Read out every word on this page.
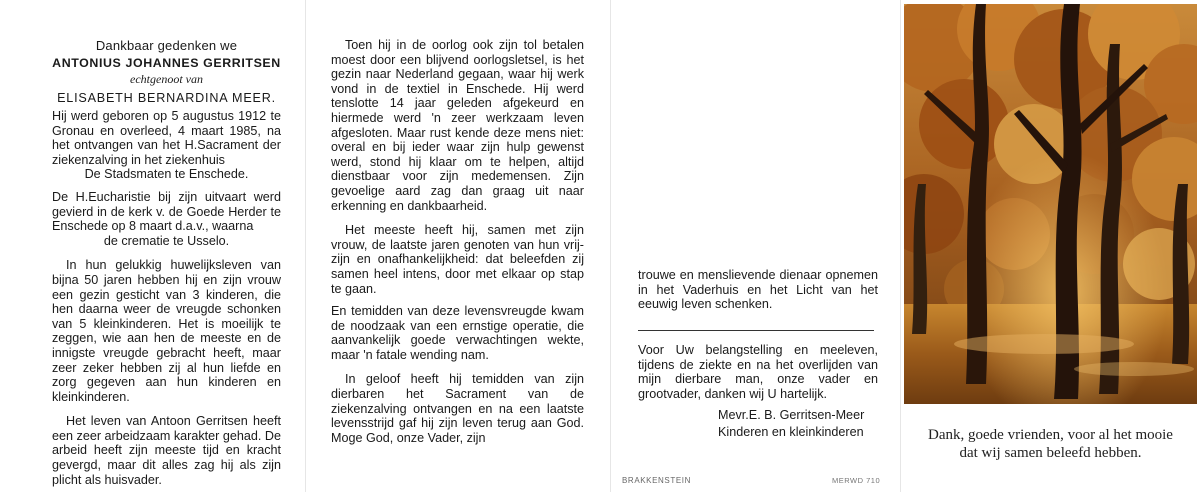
Dankbaar gedenken we

ANTONIUS JOHANNES GERRITSEN

echtgenoot van

ELISABETH BERNARDINA MEER.

Hij werd geboren op 5 augustus 1912 te Gronau en overleed, 4 maart 1985, na het ontvangen van het H.Sacrament der ziekenzalving in het ziekenhuis

De Stadsmaten te Enschede.

De H.Eucharistie bij zijn uitvaart werd gevierd in de kerk v. de Goede Herder te Enschede op 8 maart d.a.v., waarna

de crematie te Usselo.

In hun gelukkig huwelijksleven van bijna 50 jaren hebben hij en zijn vrouw een gezin gesticht van 3 kinderen, die hen daarna weer de vreugde schonken van 5 kleinkinderen. Het is moeilijk te zeggen, wie aan hen de meeste en de innigste vreugde gebracht heeft, maar zeer zeker hebben zij al hun liefde en zorg gegeven aan hun kinderen en kleinkinderen.

Het leven van Antoon Gerritsen heeft een zeer arbeidzaam karakter gehad. De arbeid heeft zijn meeste tijd en kracht gevergd, maar dit alles zag hij als zijn plicht als huisvader.

Toen hij in de oorlog ook zijn tol betalen moest door een blijvend oorlogsletsel, is het gezin naar Nederland gegaan, waar hij werk vond in de textiel in Enschede. Hij werd tenslotte 14 jaar geleden afgekeurd en hiermede werd 'n zeer werkzaam leven afgesloten. Maar rust kende deze mens niet: overal en bij ieder waar zijn hulp gewenst werd, stond hij klaar om te helpen, altijd dienstbaar voor zijn medemensen. Zijn gevoelige aard zag dan graag uit naar erkenning en dankbaarheid.

Het meeste heeft hij, samen met zijn vrouw, de laatste jaren genoten van hun vrij-zijn en onafhankelijkheid: dat beleefden zij samen heel intens, door met elkaar op stap te gaan.

En temidden van deze levensvreugde kwam de noodzaak van een ernstige operatie, die aanvankelijk goede verwachtingen wekte, maar 'n fatale wending nam.

In geloof heeft hij temidden van zijn dierbaren het Sacrament van de ziekenzalving ontvangen en na een laatste levensstrijd gaf hij zijn leven terug aan God. Moge God, onze Vader, zijn

trouwe en menslievende dienaar opnemen in het Vaderhuis en het Licht van het eeuwig leven schenken.

Voor Uw belangstelling en meeleven, tijdens de ziekte en na het overlijden van mijn dierbare man, onze vader en grootvader, danken wij U hartelijk.

Mevr.E. B. Gerritsen-Meer

Kinderen en kleinkinderen

BRAKKENSTEIN	MERWD 710

Dank, goede vrienden, voor al het mooie
dat wij samen beleefd hebben.
